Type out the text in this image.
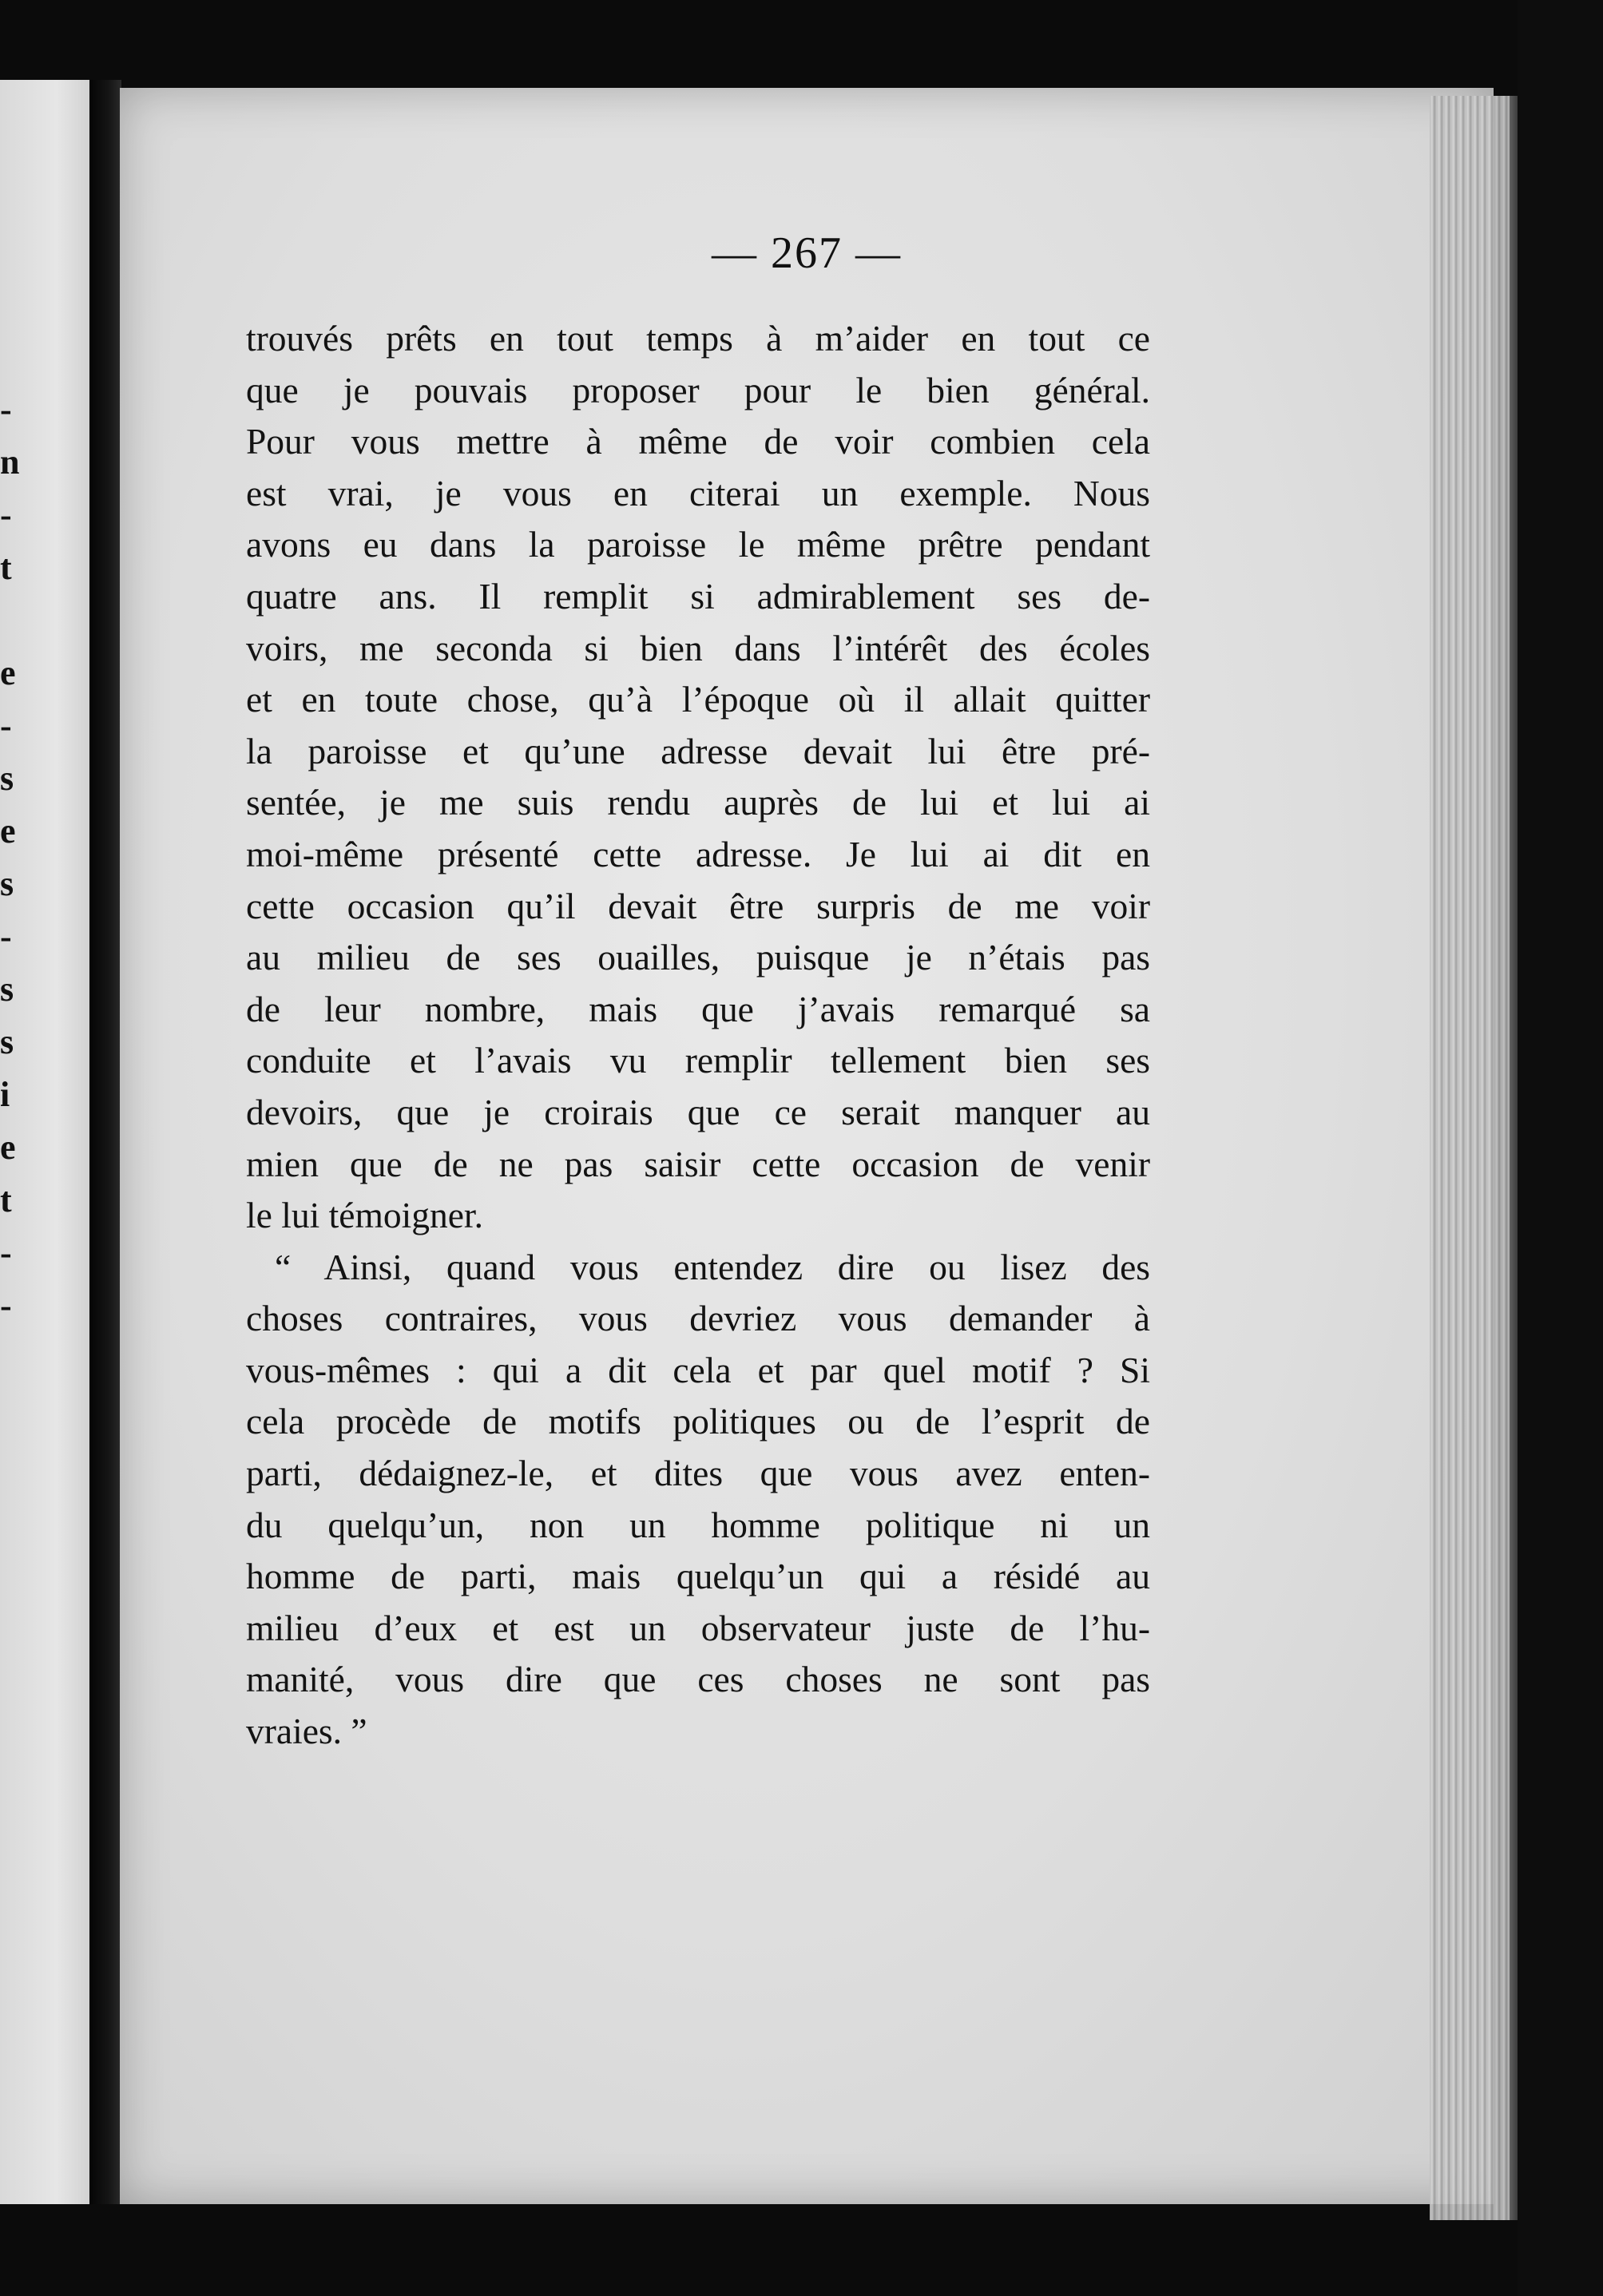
-
n
-
t
e
-
s
e
s
-
s
s
i
e
t
-
-
— 267 —

trouvés prêts en tout temps à m’aider en tout ce
que je pouvais proposer pour le bien général.
Pour vous mettre à même de voir combien cela
est vrai, je vous en citerai un exemple. Nous
avons eu dans la paroisse le même prêtre pendant
quatre ans. Il remplit si admirablement ses de-
voirs, me seconda si bien dans l’intérêt des écoles
et en toute chose, qu’à l’époque où il allait quitter
la paroisse et qu’une adresse devait lui être pré-
sentée, je me suis rendu auprès de lui et lui ai
moi-même présenté cette adresse. Je lui ai dit en
cette occasion qu’il devait être surpris de me voir
au milieu de ses ouailles, puisque je n’étais pas
de leur nombre, mais que j’avais remarqué sa
conduite et l’avais vu remplir tellement bien ses
devoirs, que je croirais que ce serait manquer au
mien que de ne pas saisir cette occasion de venir
le lui témoigner.

“ Ainsi, quand vous entendez dire ou lisez des
choses contraires, vous devriez vous demander à
vous-mêmes : qui a dit cela et par quel motif ? Si
cela procède de motifs politiques ou de l’esprit de
parti, dédaignez-le, et dites que vous avez enten-
du quelqu’un, non un homme politique ni un
homme de parti, mais quelqu’un qui a résidé au
milieu d’eux et est un observateur juste de l’hu-
manité, vous dire que ces choses ne sont pas
vraies. ”
